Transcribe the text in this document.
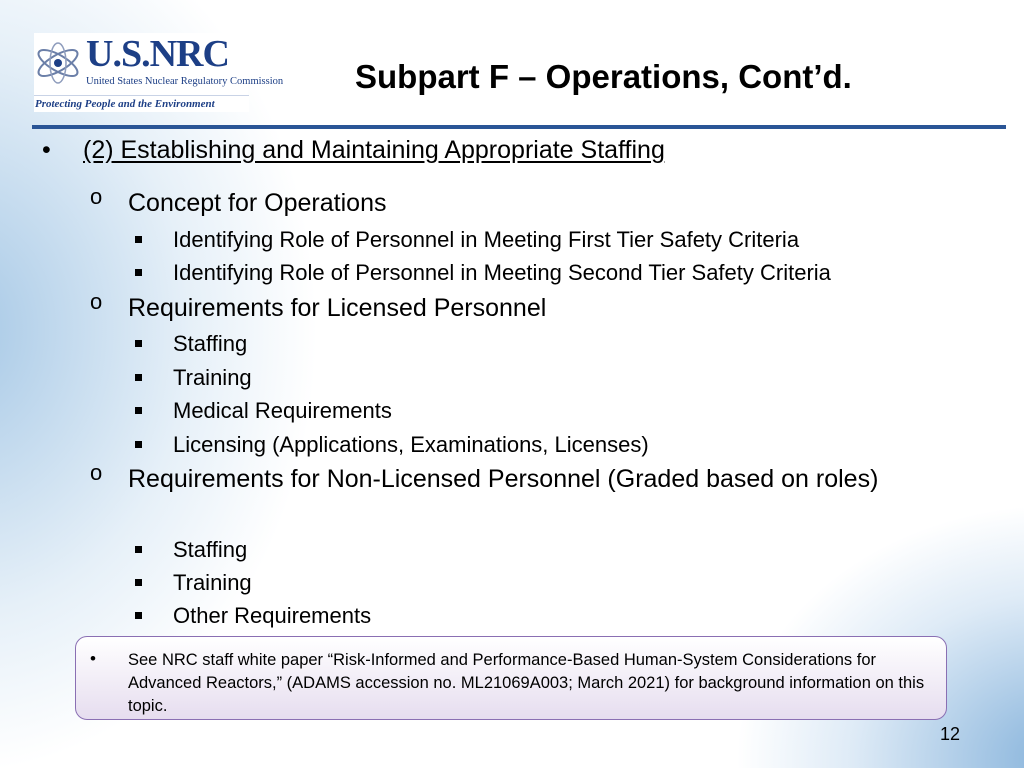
U.S.NRC
United States Nuclear Regulatory Commission
Protecting People and the Environment
Subpart F – Operations, Cont’d.
• (2) Establishing and Maintaining Appropriate Staffing
o Concept for Operations
Identifying Role of Personnel in Meeting First Tier Safety Criteria
Identifying Role of Personnel in Meeting Second Tier Safety Criteria
o Requirements for Licensed Personnel
Staffing
Training
Medical Requirements
Licensing (Applications, Examinations, Licenses)
o Requirements for Non-Licensed Personnel (Graded based on roles)
Staffing
Training
Other Requirements
• See NRC staff white paper “Risk-Informed and Performance-Based Human-System Considerations for Advanced Reactors,” (ADAMS accession no. ML21069A003; March 2021) for background information on this topic.
12
